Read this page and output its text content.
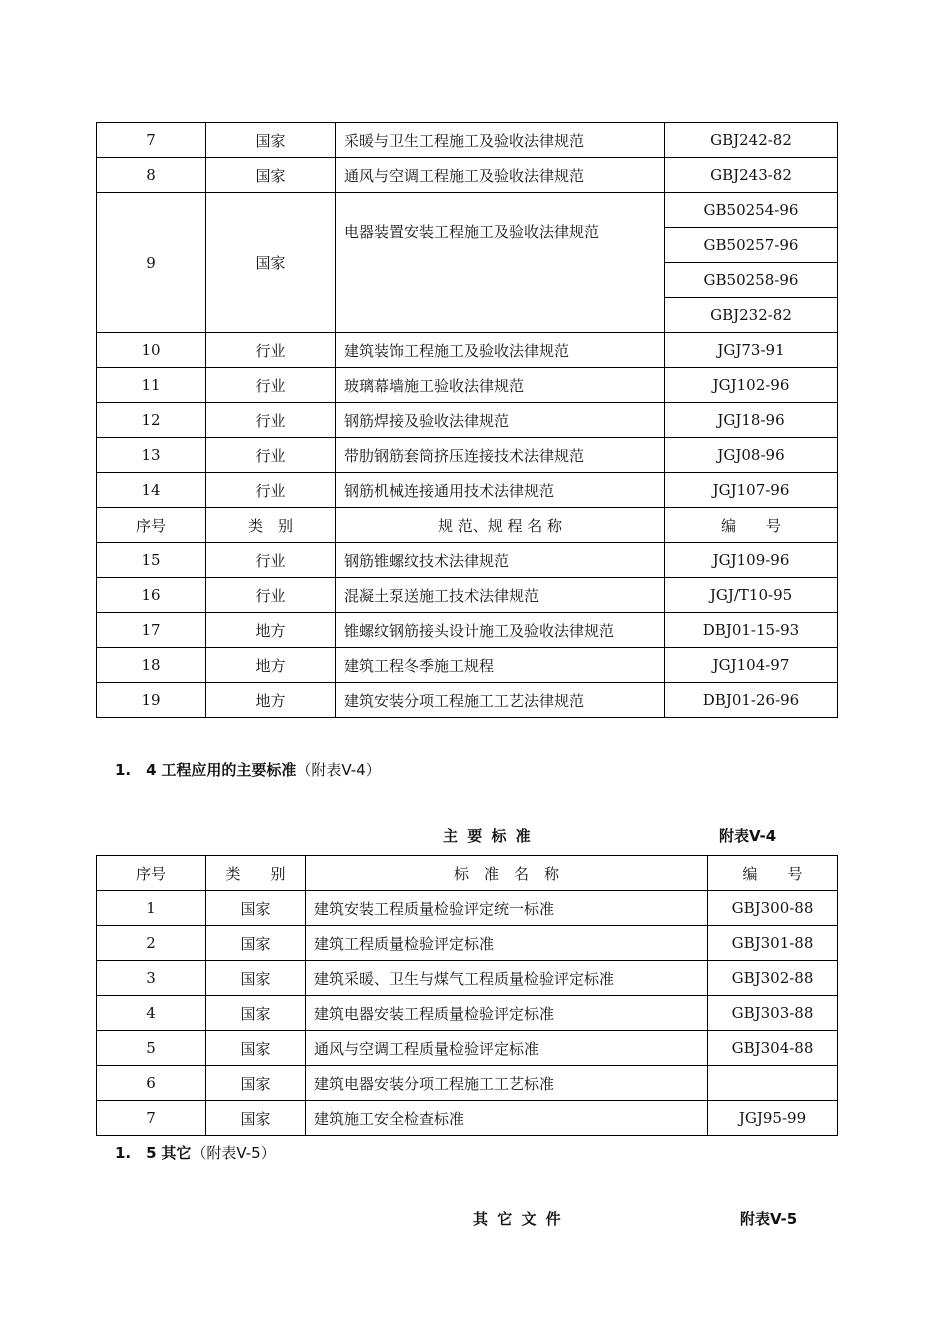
7	国家	采暖与卫生工程施工及验收法律规范	GBJ242-82
8	国家	通风与空调工程施工及验收法律规范	GBJ243-82
9	国家	电器装置安装工程施工及验收法律规范	GB50254-96
			GB50257-96
			GB50258-96
			GBJ232-82
10	行业	建筑装饰工程施工及验收法律规范	JGJ73-91
11	行业	玻璃幕墙施工验收法律规范	JGJ102-96
12	行业	钢筋焊接及验收法律规范	JGJ18-96
13	行业	带肋钢筋套筒挤压连接技术法律规范	JGJ08-96
14	行业	钢筋机械连接通用技术法律规范	JGJ107-96
序号	类　别	规 范、规 程 名 称	编　　号
15	行业	钢筋锥螺纹技术法律规范	JGJ109-96
16	行业	混凝土泵送施工技术法律规范	JGJ/T10-95
17	地方	锥螺纹钢筋接头设计施工及验收法律规范	DBJ01-15-93
18	地方	建筑工程冬季施工规程	JGJ104-97
19	地方	建筑安装分项工程施工工艺法律规范	DBJ01-26-96
1.　4 工程应用的主要标准（附表V-4）
主 要 标 准	附表V-4
序号	类　　别	标　准　名　称	编　　号
1	国家	建筑安装工程质量检验评定统一标准	GBJ300-88
2	国家	建筑工程质量检验评定标准	GBJ301-88
3	国家	建筑采暖、卫生与煤气工程质量检验评定标准	GBJ302-88
4	国家	建筑电器安装工程质量检验评定标准	GBJ303-88
5	国家	通风与空调工程质量检验评定标准	GBJ304-88
6	国家	建筑电器安装分项工程施工工艺标准	
7	国家	建筑施工安全检查标准	JGJ95-99
1.　5 其它（附表V-5）
其 它 文 件	附表V-5
